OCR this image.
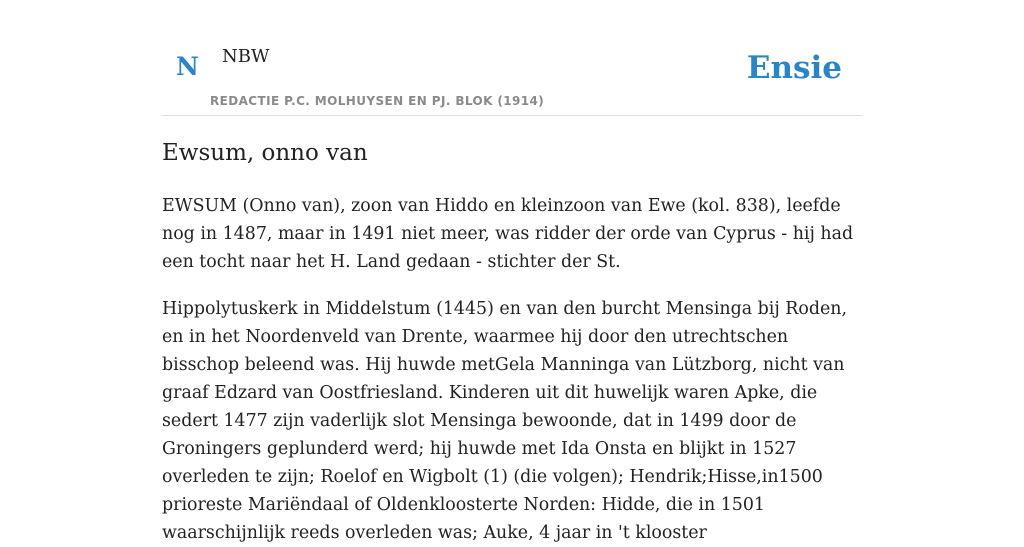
N NBW
REDACTIE P.C. MOLHUYSEN EN PJ. BLOK (1914)
Ensie
Ewsum, onno van

EWSUM (Onno van), zoon van Hiddo en kleinzoon van Ewe (kol. 838), leefde nog in 1487, maar in 1491 niet meer, was ridder der orde van Cyprus - hij had een tocht naar het H. Land gedaan - stichter der St.

Hippolytuskerk in Middelstum (1445) en van den burcht Mensinga bij Roden, en in het Noordenveld van Drente, waarmee hij door den utrechtschen bisschop beleend was. Hij huwde metGela Manninga van Lützborg, nicht van graaf Edzard van Oostfriesland. Kinderen uit dit huwelijk waren Apke, die sedert 1477 zijn vaderlijk slot Mensinga bewoonde, dat in 1499 door de Groningers geplunderd werd; hij huwde met Ida Onsta en blijkt in 1527 overleden te zijn; Roelof en Wigbolt (1) (die volgen); Hendrik;Hisse,in1500 prioreste Mariëndaal of Oldenkloosterte Norden: Hidde, die in 1501 waarschijnlijk reeds overleden was; Auke, 4 jaar in 't klooster
